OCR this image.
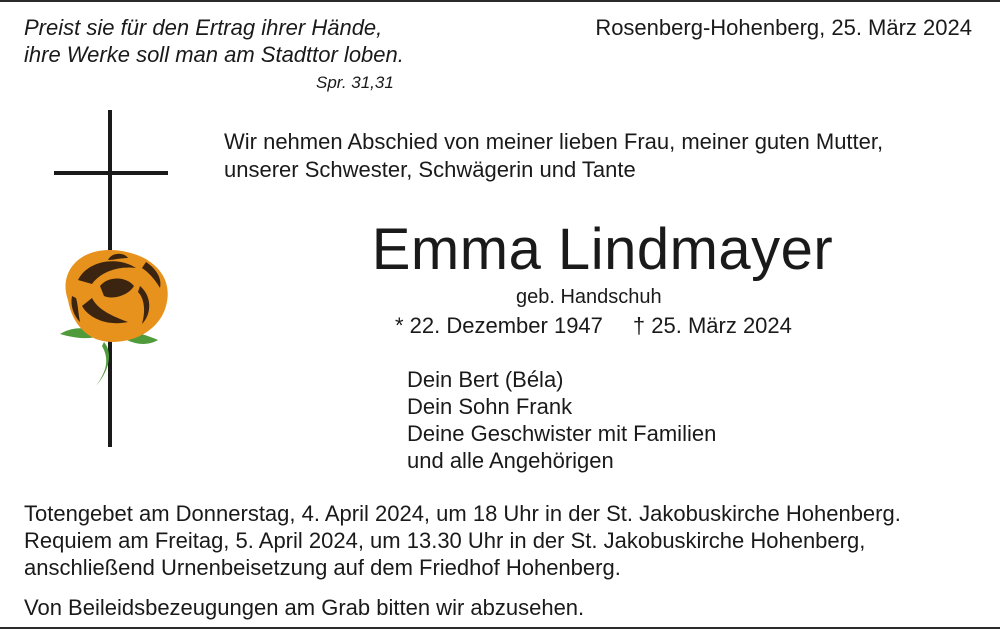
Preist sie für den Ertrag ihrer Hände,
ihre Werke soll man am Stadttor loben.
Spr. 31,31
Rosenberg-Hohenberg, 25. März 2024
Wir nehmen Abschied von meiner lieben Frau, meiner guten Mutter,
unserer Schwester, Schwägerin und Tante
Emma Lindmayer
geb. Handschuh
* 22. Dezember 1947 † 25. März 2024
Dein Bert (Béla)
Dein Sohn Frank
Deine Geschwister mit Familien
und alle Angehörigen
Totengebet am Donnerstag, 4. April 2024, um 18 Uhr in der St. Jakobuskirche Hohenberg.
Requiem am Freitag, 5. April 2024, um 13.30 Uhr in der St. Jakobuskirche Hohenberg,
anschließend Urnenbeisetzung auf dem Friedhof Hohenberg.
Von Beileidsbezeugungen am Grab bitten wir abzusehen.
